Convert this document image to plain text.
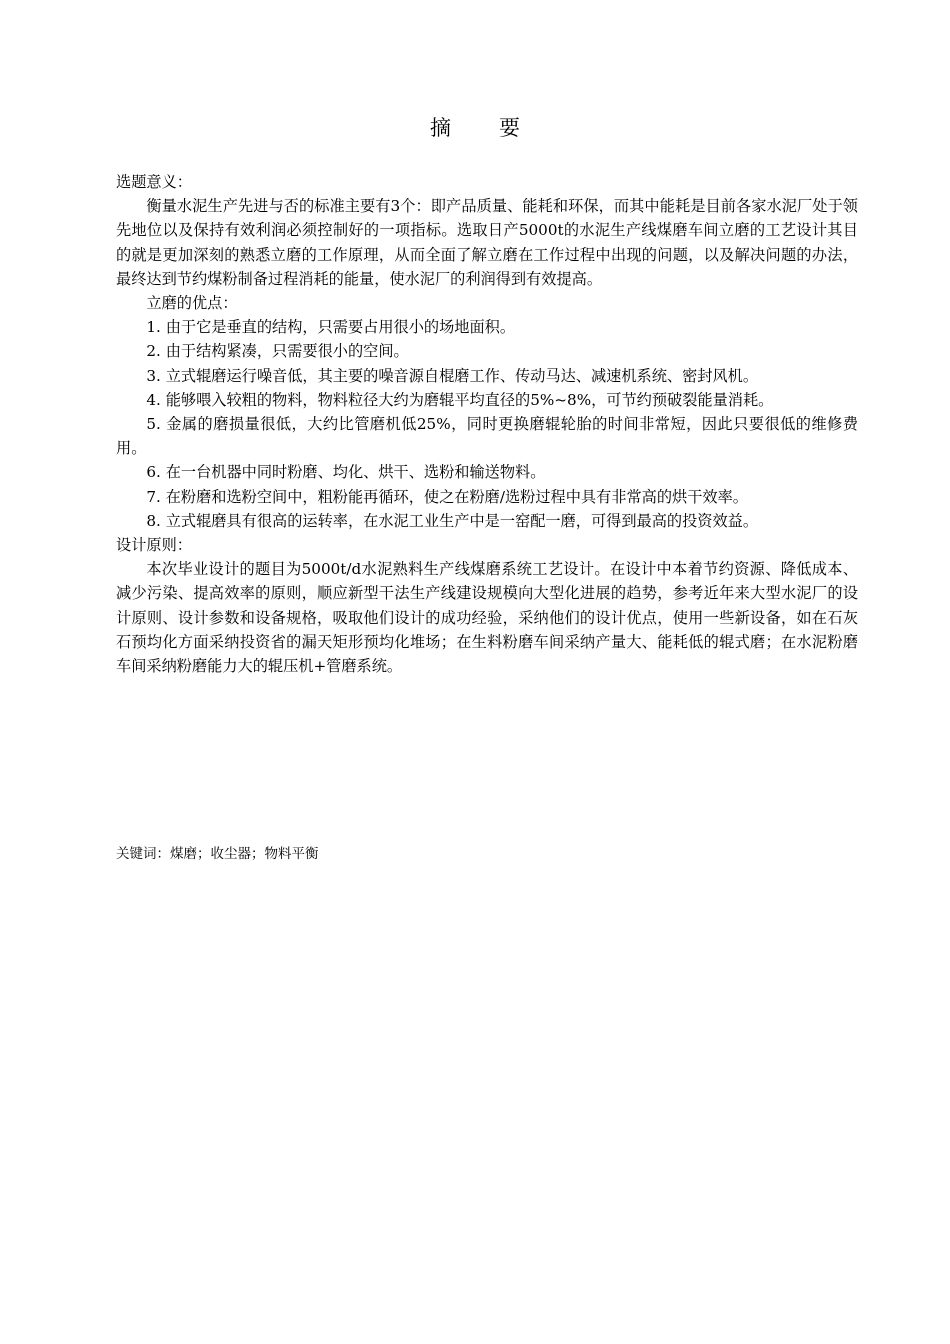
摘 要

选题意义：

衡量水泥生产先进与否的标准主要有3个：即产品质量、能耗和环保，而其中能耗是目前各家水泥厂处于领先地位以及保持有效利润必须控制好的一项指标。选取日产5000t的水泥生产线煤磨车间立磨的工艺设计其目的就是更加深刻的熟悉立磨的工作原理，从而全面了解立磨在工作过程中出现的问题，以及解决问题的办法，最终达到节约煤粉制备过程消耗的能量，使水泥厂的利润得到有效提高。

立磨的优点：

1. 由于它是垂直的结构，只需要占用很小的场地面积。

2. 由于结构紧凑，只需要很小的空间。

3. 立式辊磨运行噪音低，其主要的噪音源自棍磨工作、传动马达、减速机系统、密封风机。

4. 能够喂入较粗的物料，物料粒径大约为磨辊平均直径的5%~8%，可节约预破裂能量消耗。

5. 金属的磨损量很低，大约比管磨机低25%，同时更换磨辊轮胎的时间非常短，因此只要很低的维修费用。

6. 在一台机器中同时粉磨、均化、烘干、选粉和输送物料。

7. 在粉磨和选粉空间中，粗粉能再循环，使之在粉磨/选粉过程中具有非常高的烘干效率。

8. 立式辊磨具有很高的运转率，在水泥工业生产中是一窑配一磨，可得到最高的投资效益。

设计原则：

本次毕业设计的题目为5000t/d水泥熟料生产线煤磨系统工艺设计。在设计中本着节约资源、降低成本、减少污染、提高效率的原则，顺应新型干法生产线建设规模向大型化进展的趋势，参考近年来大型水泥厂的设计原则、设计参数和设备规格，吸取他们设计的成功经验，采纳他们的设计优点，使用一些新设备，如在石灰石预均化方面采纳投资省的漏天矩形预均化堆场；在生料粉磨车间采纳产量大、能耗低的辊式磨；在水泥粉磨车间采纳粉磨能力大的辊压机+管磨系统。

关键词：煤磨；收尘器；物料平衡
